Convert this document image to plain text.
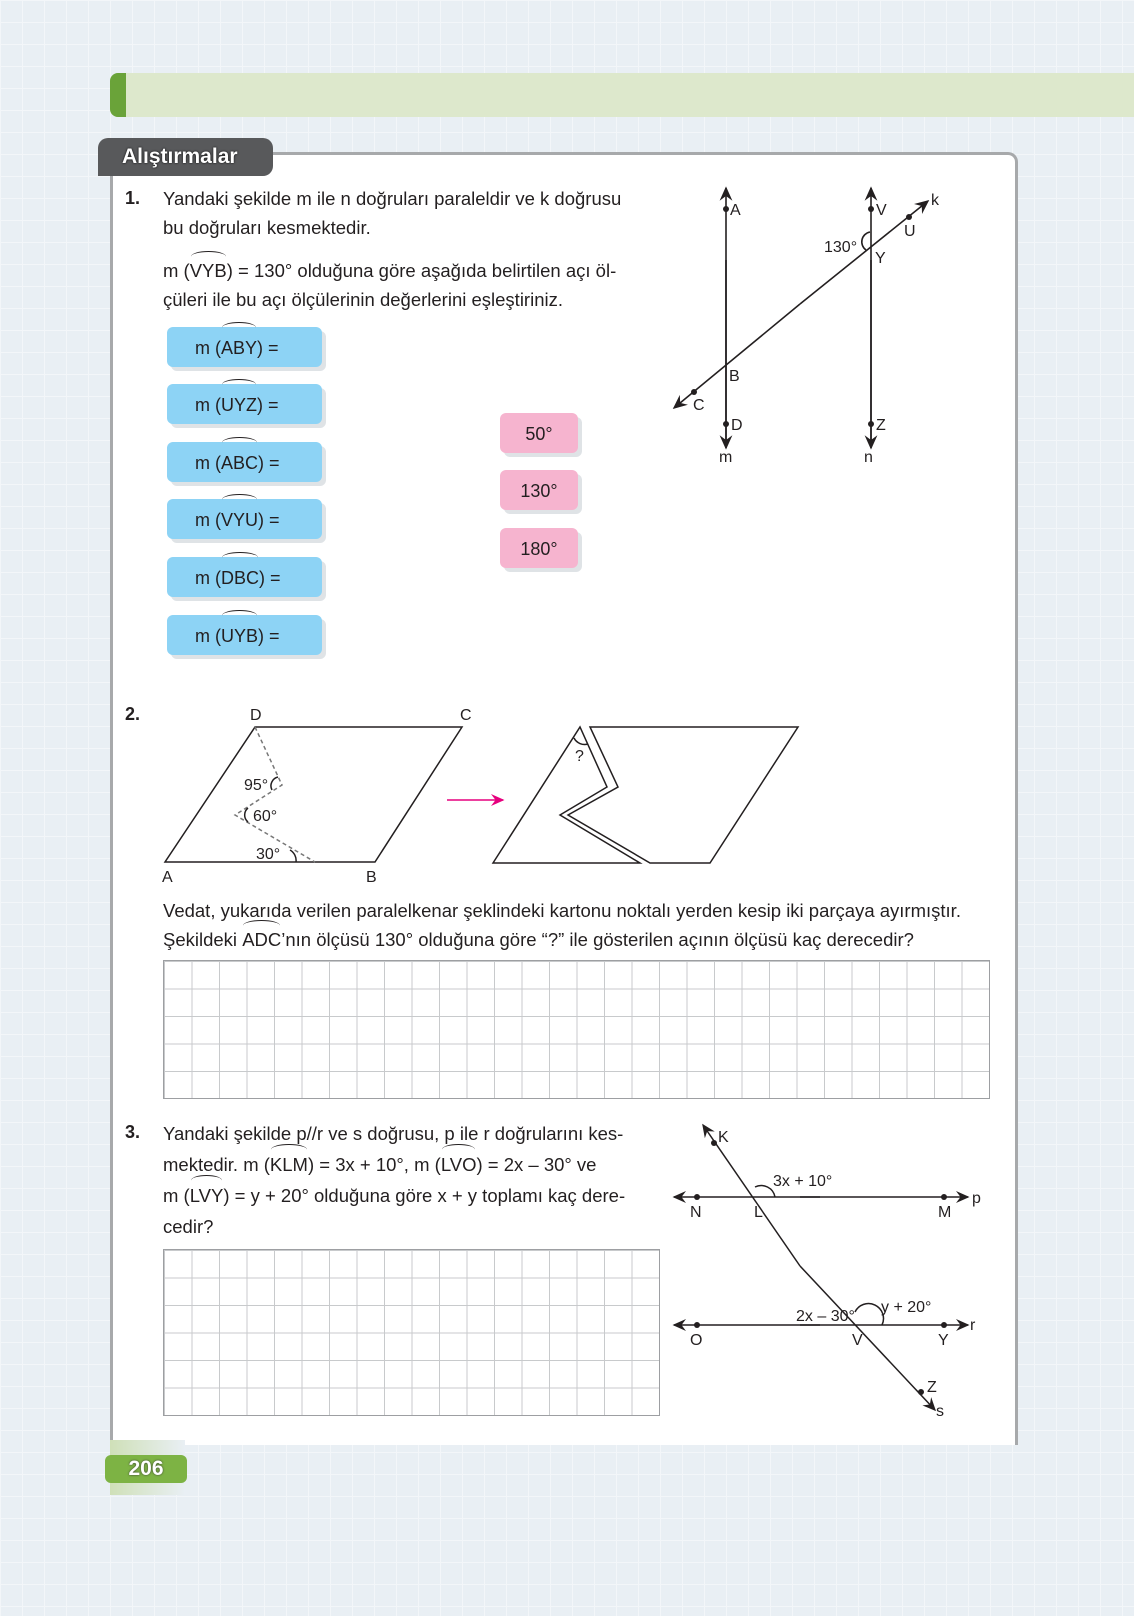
Alıştırmalar
1. Yandaki şekilde m ile n doğruları paraleldir ve k doğrusu
bu doğruları kesmektedir.
m (VYB) = 130° olduğuna göre aşağıda belirtilen açı öl-
çüleri ile bu açı ölçülerinin değerlerini eşleştiriniz.
m (ABY) =
m (UYZ) =
m (ABC) =
m (VYU) =
m (DBC) =
m (UYB) =
50°
130°
180°
A	V
k
U
Y
130°
B
C
D	Z
m	n
D	C
A	B
95°
60°
30°
?
K
3x + 10°
N	L	M
p
2x – 30°
y + 20°
O	V	Y
r
Z
s
2.
Vedat, yukarıda verilen paralelkenar şeklindeki kartonu noktalı yerden kesip iki parçaya ayırmıştır.
Şekildeki ADC’nın ölçüsü 130° olduğuna göre “?” ile gösterilen açının ölçüsü kaç derecedir?
3. Yandaki şekilde p//r ve s doğrusu, p ile r doğrularını kes-
mektedir. m (KLM) = 3x + 10°, m (LVO) = 2x – 30° ve
m (LVY) = y + 20° olduğuna göre x + y toplamı kaç dere-
cedir?
206
